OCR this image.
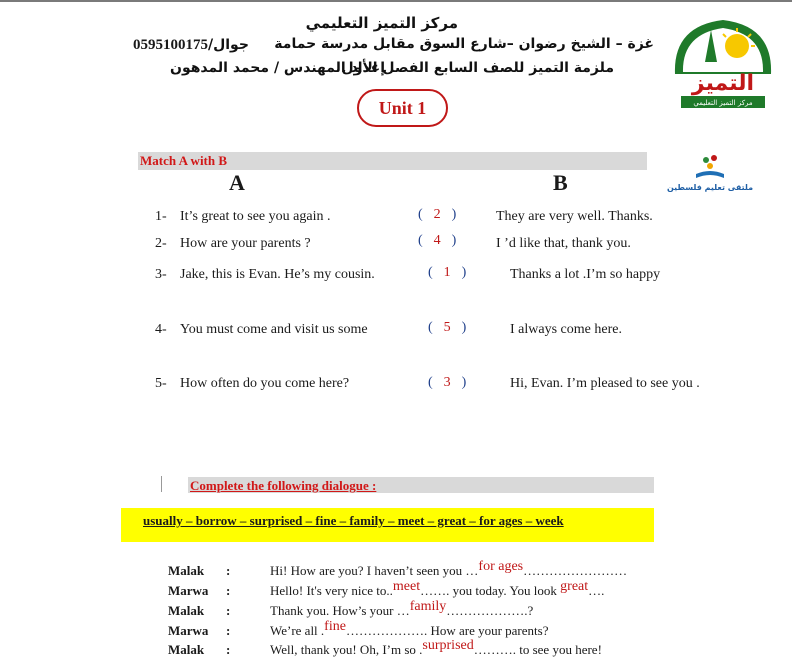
مركز التميز التعليمي
غزة – الشيخ رضوان –شارع السوق مقابل مدرسة حمامة
0595100175جوال/
ملزمة التميز للصف السابع الفصل الأول
إعداد المهندس / محمد المدهون
التميز
مركز التميز التعليمي
Unit 1
Match A with B
ملتقى تعليم فلسطين
A	B
1- It’s great to see you again .	( 2 )	They are very well. Thanks.
2- How are your parents ?	( 4 )	I ’d like that, thank you.
3- Jake, this is Evan. He’s my cousin.	( 1 )	Thanks a lot .I’m so happy
4- You must come and visit us some	( 5 )	I always come here.
5- How often do you come here?	( 3 )	Hi, Evan. I’m pleased to see you .
Complete the following dialogue :
usually – borrow – surprised – fine – family – meet – great – for ages – week
Malak :	Hi! How are you? I haven’t seen you …for ages……………………
Marwa :	Hello! It's very nice to..meet……. you today. You look great….
Malak :	Thank you. How’s your …family……………….?
Marwa :	We’re all .fine………………. How are your parents?
Malak :	Well, thank you! Oh, I’m so .surprised………. to see you here!
